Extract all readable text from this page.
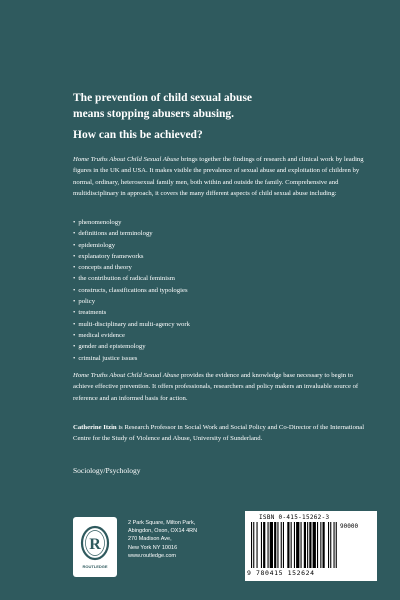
The prevention of child sexual abuse
means stopping abusers abusing.
How can this be achieved?
Home Truths About Child Sexual Abuse brings together the findings of research and clinical work by leading figures in the UK and USA. It makes visible the prevalence of sexual abuse and exploitation of children by normal, ordinary, heterosexual family men, both within and outside the family. Comprehensive and multidisciplinary in approach, it covers the many different aspects of child sexual abuse including:
• phenomenology
• definitions and terminology
• epidemiology
• explanatory frameworks
• concepts and theory
• the contribution of radical feminism
• constructs, classifications and typologies
• policy
• treatments
• multi-disciplinary and multi-agency work
• medical evidence
• gender and epistemology
• criminal justice issues
Home Truths About Child Sexual Abuse provides the evidence and knowledge base necessary to begin to achieve effective prevention. It offers professionals, researchers and policy makers an invaluable source of reference and an informed basis for action.
Catherine Itzin is Research Professor in Social Work and Social Policy and Co-Director of the International Centre for the Study of Violence and Abuse, University of Sunderland.
Sociology/Psychology
R
ROUTLEDGE
2 Park Square, Milton Park,
Abingdon, Oxon, OX14 4RN
270 Madison Ave,
New York NY 10016
www.routledge.com
ISBN 0-415-15262-3
90000
9 780415 152624
